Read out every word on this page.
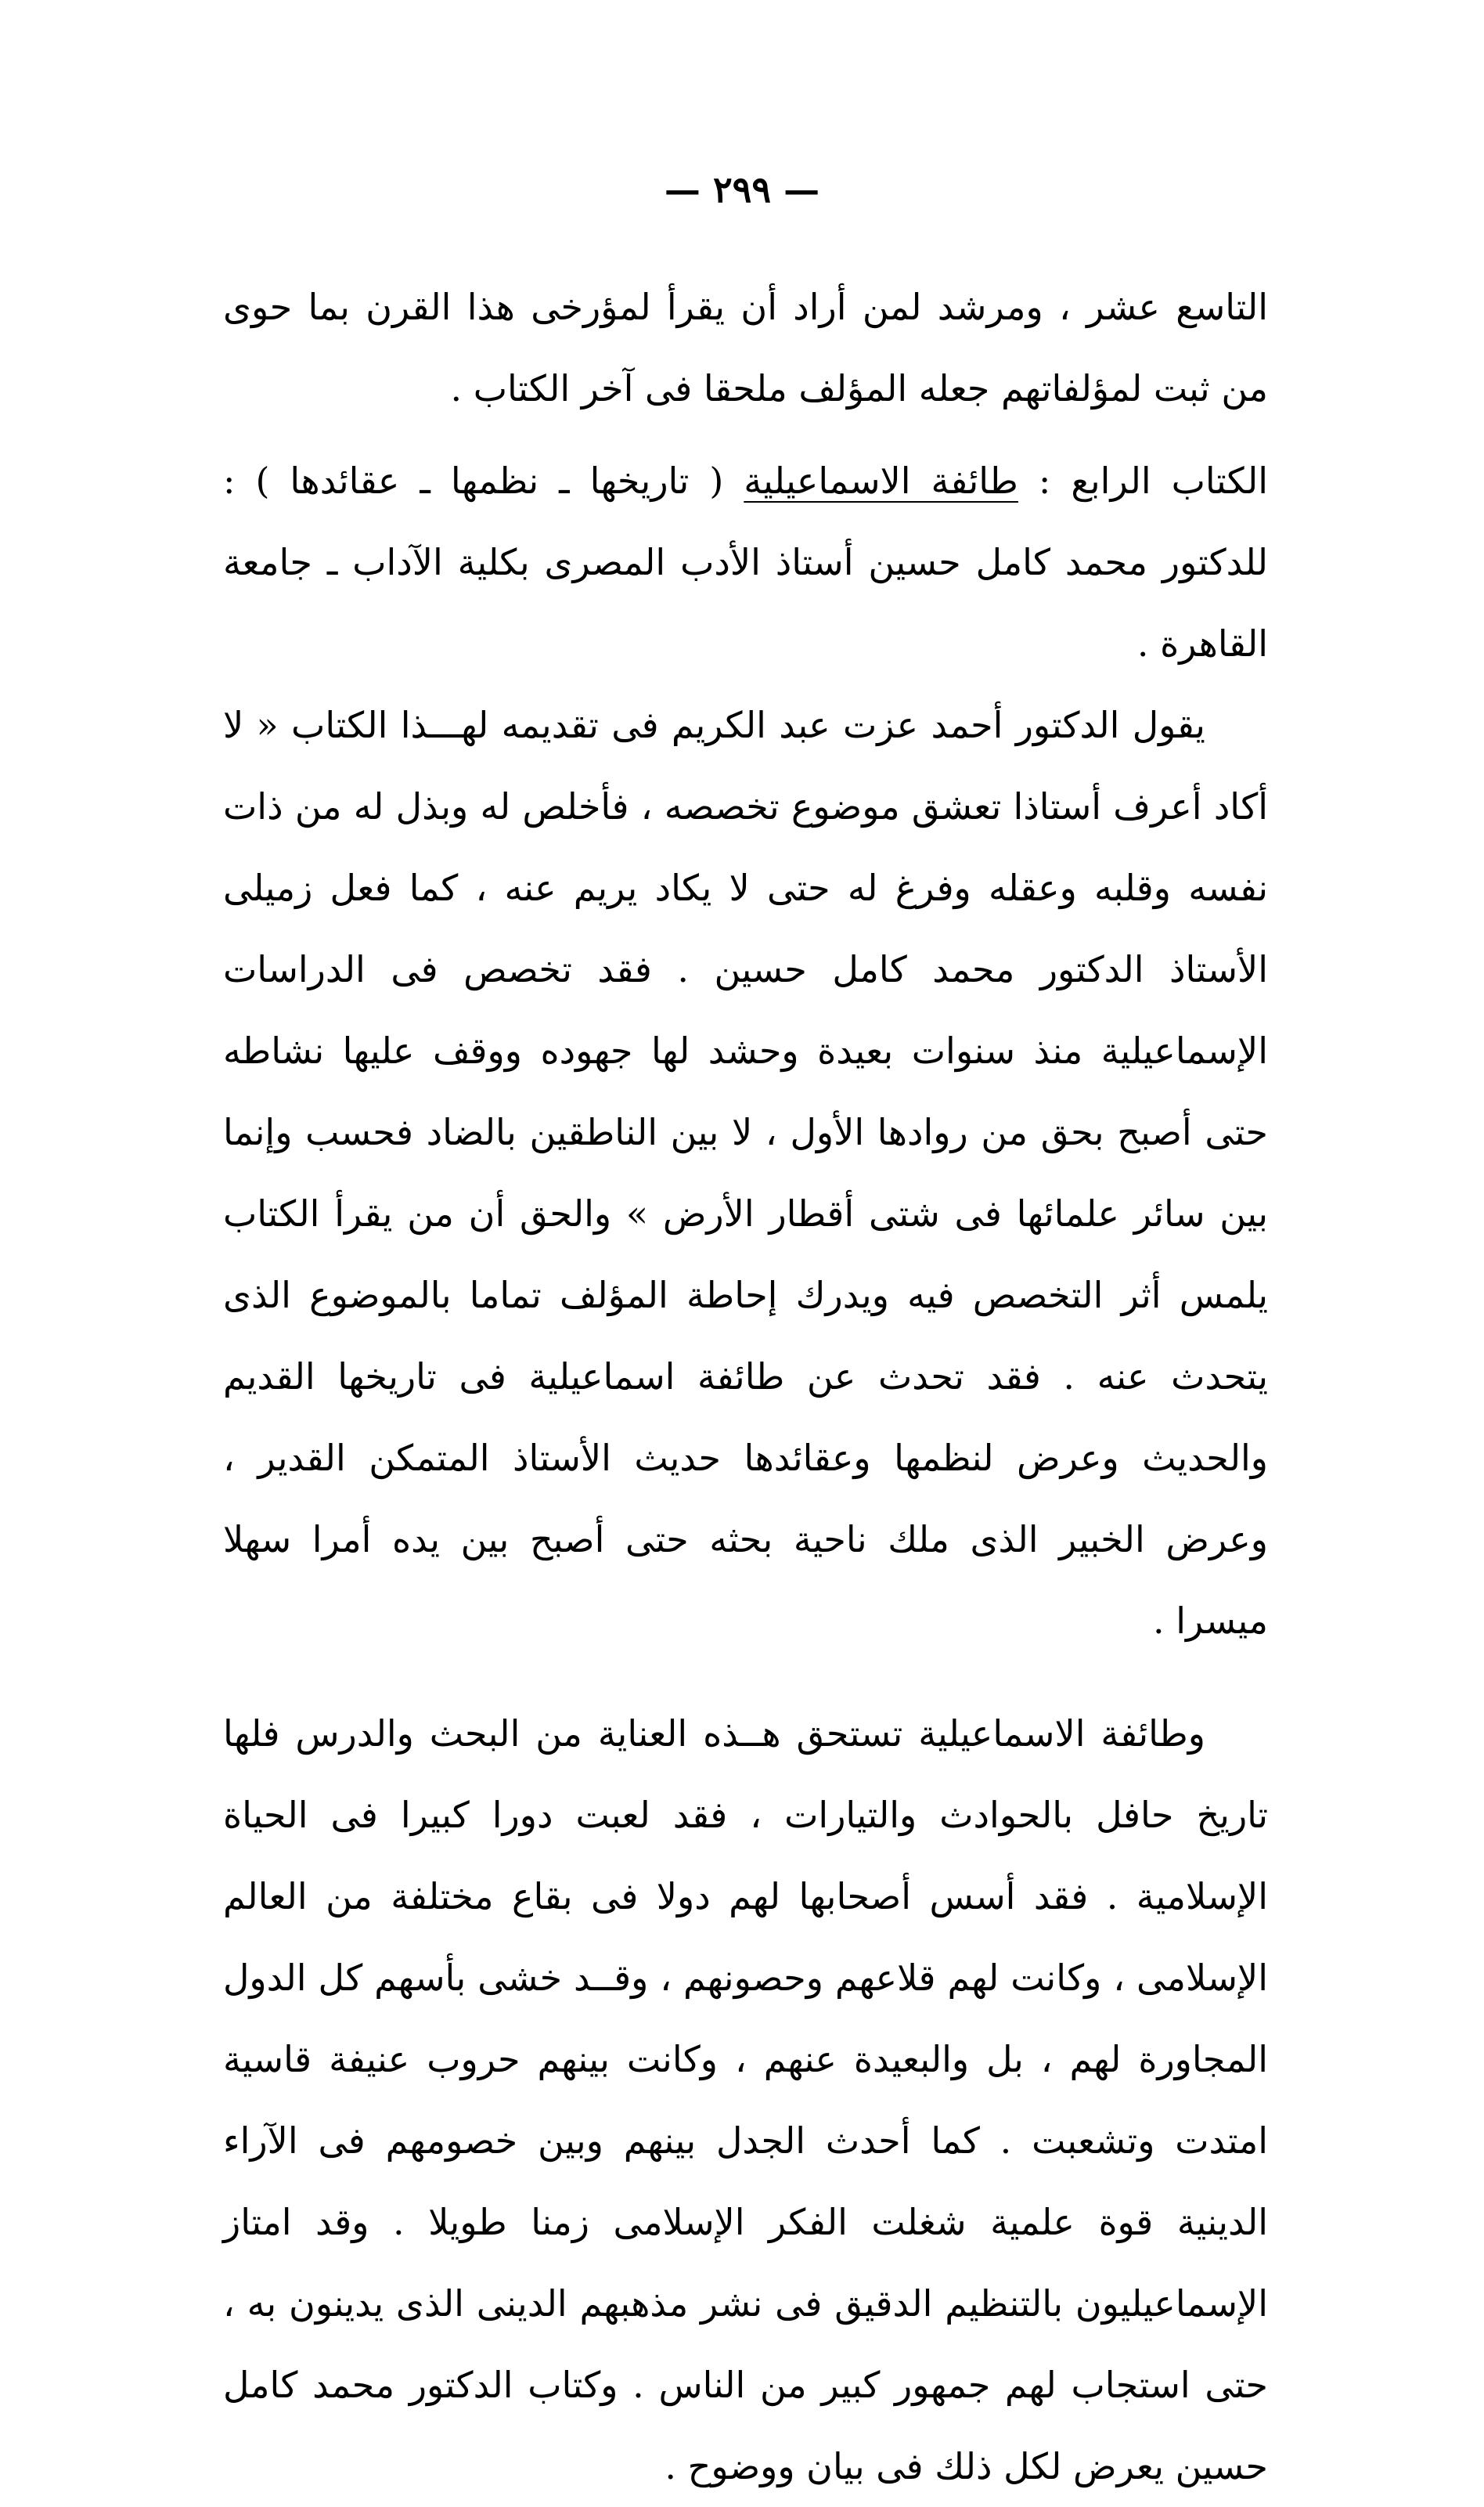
— ٢٩٩ —

التاسع عشر ، ومرشد لمن أراد أن يقرأ لمؤرخى هذا القرن بما حوى من ثبت لمؤلفاتهم جعله المؤلف ملحقا فى آخر الكتاب .

الكتاب الرابع : طائفة الاسماعيلية ( تاريخها ـ نظمها ـ عقائدها ) : للدكتور محمد كامل حسين أستاذ الأدب المصرى بكلية الآداب ـ جامعة القاهرة .

يقول الدكتور أحمد عزت عبد الكريم فى تقديمه لهـــذا الكتاب « لا أكاد أعرف أستاذا تعشق موضوع تخصصه ، فأخلص له وبذل له من ذات نفسه وقلبه وعقله وفرغ له حتى لا يكاد يريم عنه ، كما فعل زميلى الأستاذ الدكتور محمد كامل حسين . فقد تخصص فى الدراسات الإسماعيلية منذ سنوات بعيدة وحشد لها جهوده ووقف عليها نشاطه حتى أصبح بحق من روادها الأول ، لا بين الناطقين بالضاد فحسب وإنما بين سائر علمائها فى شتى أقطار الأرض » والحق أن من يقرأ الكتاب يلمس أثر التخصص فيه ويدرك إحاطة المؤلف تماما بالموضوع الذى يتحدث عنه . فقد تحدث عن طائفة اسماعيلية فى تاريخها القديم والحديث وعرض لنظمها وعقائدها حديث الأستاذ المتمكن القدير ، وعرض الخبير الذى ملك ناحية بحثه حتى أصبح بين يده أمرا سهلا ميسرا .

وطائفة الاسماعيلية تستحق هــذه العناية من البحث والدرس فلها تاريخ حافل بالحوادث والتيارات ، فقد لعبت دورا كبيرا فى الحياة الإسلامية . فقد أسس أصحابها لهم دولا فى بقاع مختلفة من العالم الإسلامى ، وكانت لهم قلاعهم وحصونهم ، وقــد خشى بأسهم كل الدول المجاورة لهم ، بل والبعيدة عنهم ، وكانت بينهم حروب عنيفة قاسية امتدت وتشعبت . كما أحدث الجدل بينهم وبين خصومهم فى الآراء الدينية قوة علمية شغلت الفكر الإسلامى زمنا طويلا . وقد امتاز الإسماعيليون بالتنظيم الدقيق فى نشر مذهبهم الدينى الذى يدينون به ، حتى استجاب لهم جمهور كبير من الناس . وكتاب الدكتور محمد كامل حسين يعرض لكل ذلك فى بيان ووضوح .
